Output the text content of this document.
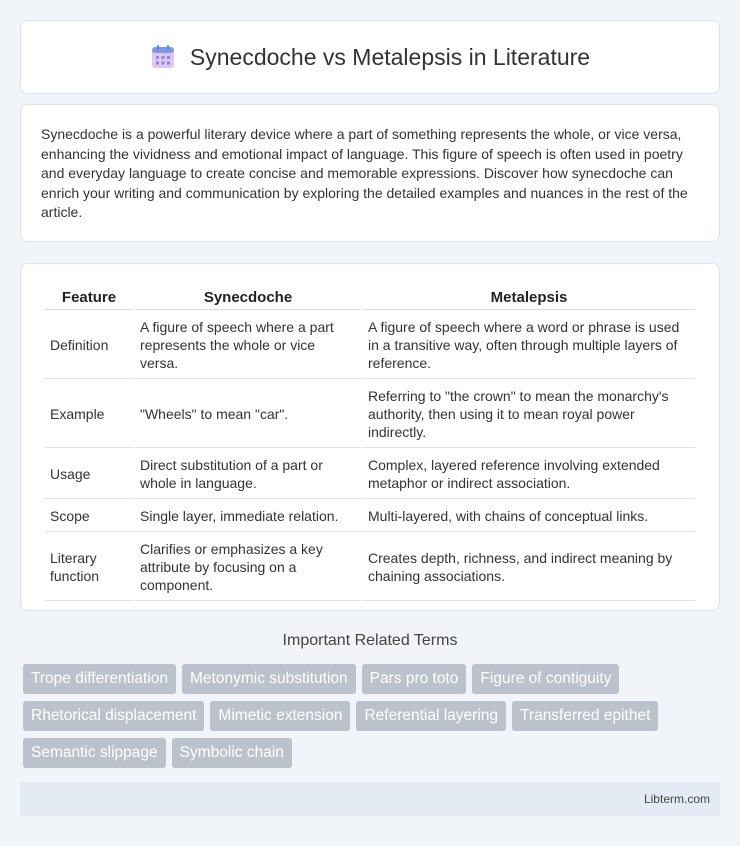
Synecdoche vs Metalepsis in Literature

Synecdoche is a powerful literary device where a part of something represents the whole, or vice versa, enhancing the vividness and emotional impact of language. This figure of speech is often used in poetry and everyday language to create concise and memorable expressions. Discover how synecdoche can enrich your writing and communication by exploring the detailed examples and nuances in the rest of the article.

Feature	Synecdoche	Metalepsis
Definition	A figure of speech where a part represents the whole or vice versa.	A figure of speech where a word or phrase is used in a transitive way, often through multiple layers of reference.
Example	"Wheels" to mean "car".	Referring to "the crown" to mean the monarchy's authority, then using it to mean royal power indirectly.
Usage	Direct substitution of a part or whole in language.	Complex, layered reference involving extended metaphor or indirect association.
Scope	Single layer, immediate relation.	Multi-layered, with chains of conceptual links.
Literary function	Clarifies or emphasizes a key attribute by focusing on a component.	Creates depth, richness, and indirect meaning by chaining associations.
Important Related Terms
Trope differentiation	Metonymic substitution	Pars pro toto	Figure of contiguity
Rhetorical displacement	Mimetic extension	Referential layering	Transferred epithet
Semantic slippage	Symbolic chain
Libterm.com
